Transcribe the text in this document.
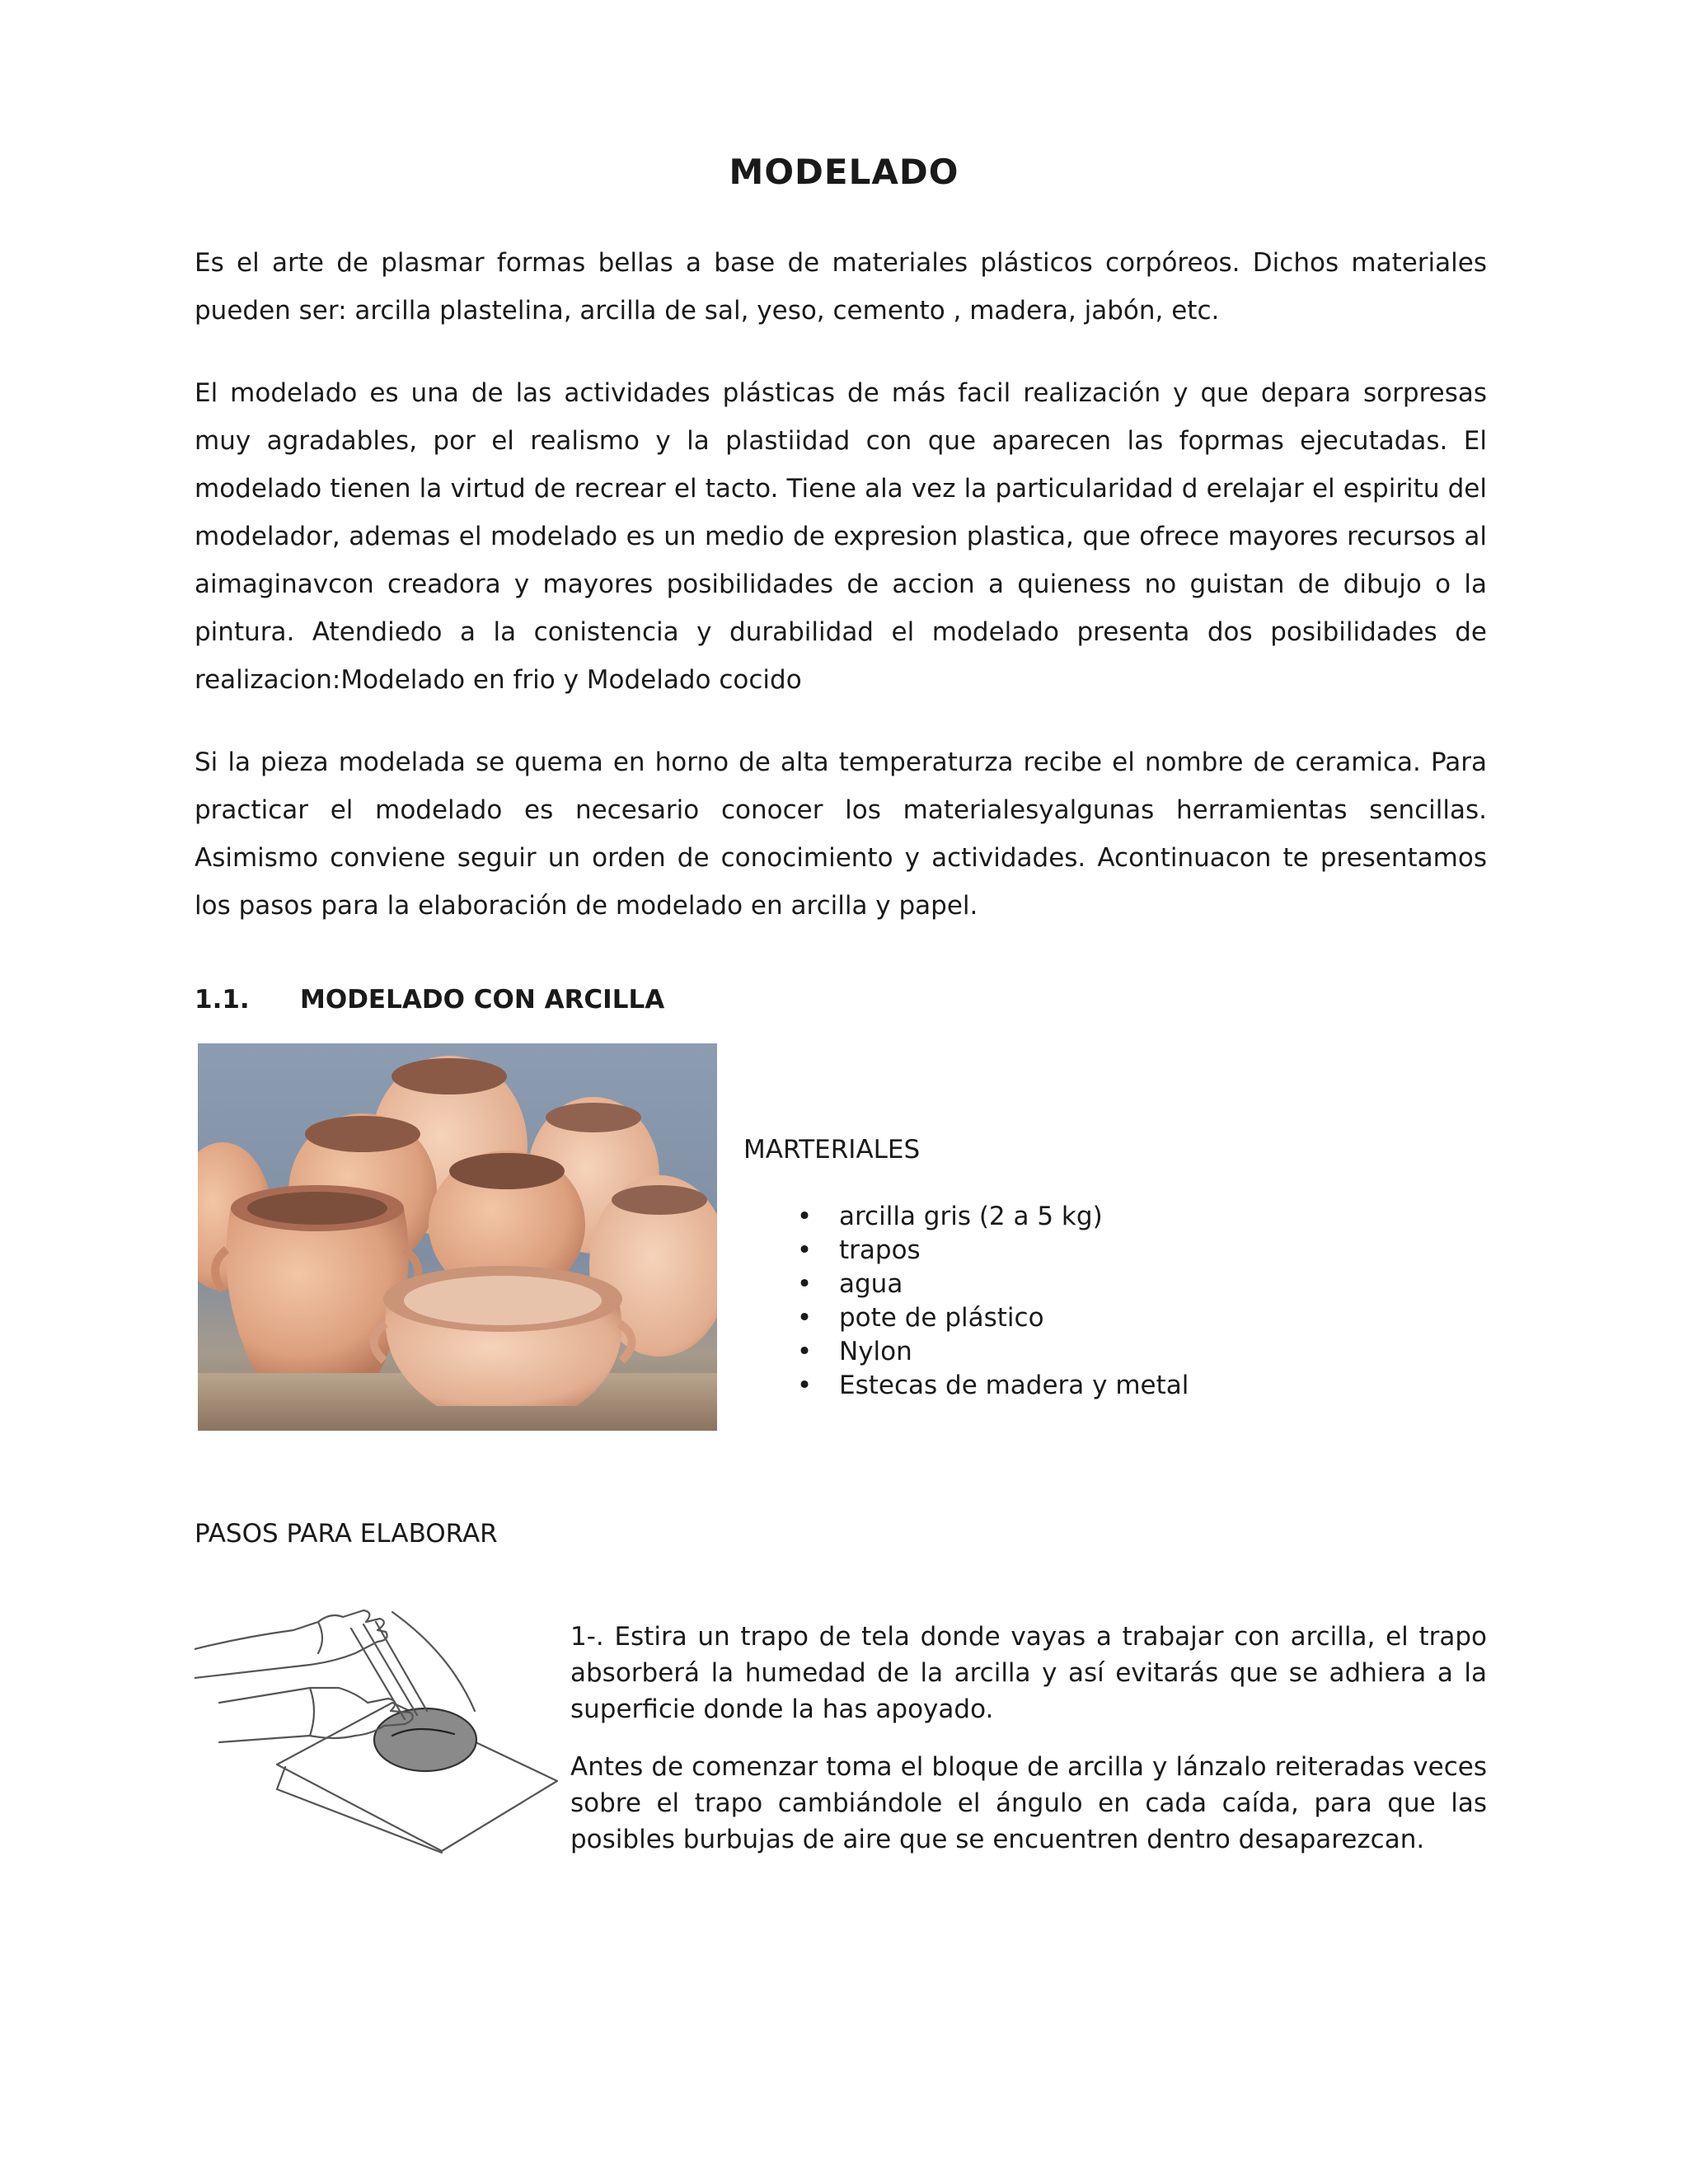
MODELADO

Es el arte de plasmar formas bellas a base de materiales plásticos corpóreos. Dichos materiales pueden ser: arcilla plastelina, arcilla de sal, yeso, cemento , madera, jabón, etc.

El modelado es una de las actividades plásticas de más facil realización y que depara sorpresas muy agradables, por el realismo y la plastiidad con que aparecen las foprmas ejecutadas. El modelado tienen la virtud de recrear el tacto. Tiene ala vez la particularidad d erelajar el espiritu del modelador, ademas el modelado es un medio de expresion plastica, que ofrece mayores recursos al aimaginavcon creadora y mayores posibilidades de accion a quieness no guistan de dibujo o la pintura. Atendiedo a la conistencia y durabilidad el modelado presenta dos posibilidades de realizacion:Modelado en frio y Modelado cocido

Si la pieza modelada se quema en horno de alta temperaturza recibe el nombre de ceramica. Para practicar el modelado es necesario conocer los materialesyalgunas herramientas sencillas. Asimismo conviene seguir un orden de conocimiento y actividades. Acontinuacon te presentamos los pasos para la elaboración de modelado en arcilla y papel.

1.1. MODELADO CON ARCILLA
MARTERIALES
• arcilla gris (2 a 5 kg)
• trapos
• agua
• pote de plástico
• Nylon
• Estecas de madera y metal
PASOS PARA ELABORAR

1-. Estira un trapo de tela donde vayas a trabajar con arcilla, el trapo absorberá la humedad de la arcilla y así evitarás que se adhiera a la superficie donde la has apoyado.

Antes de comenzar toma el bloque de arcilla y lánzalo reiteradas veces sobre el trapo cambiándole el ángulo en cada caída, para que las posibles burbujas de aire que se encuentren dentro desaparezcan.
